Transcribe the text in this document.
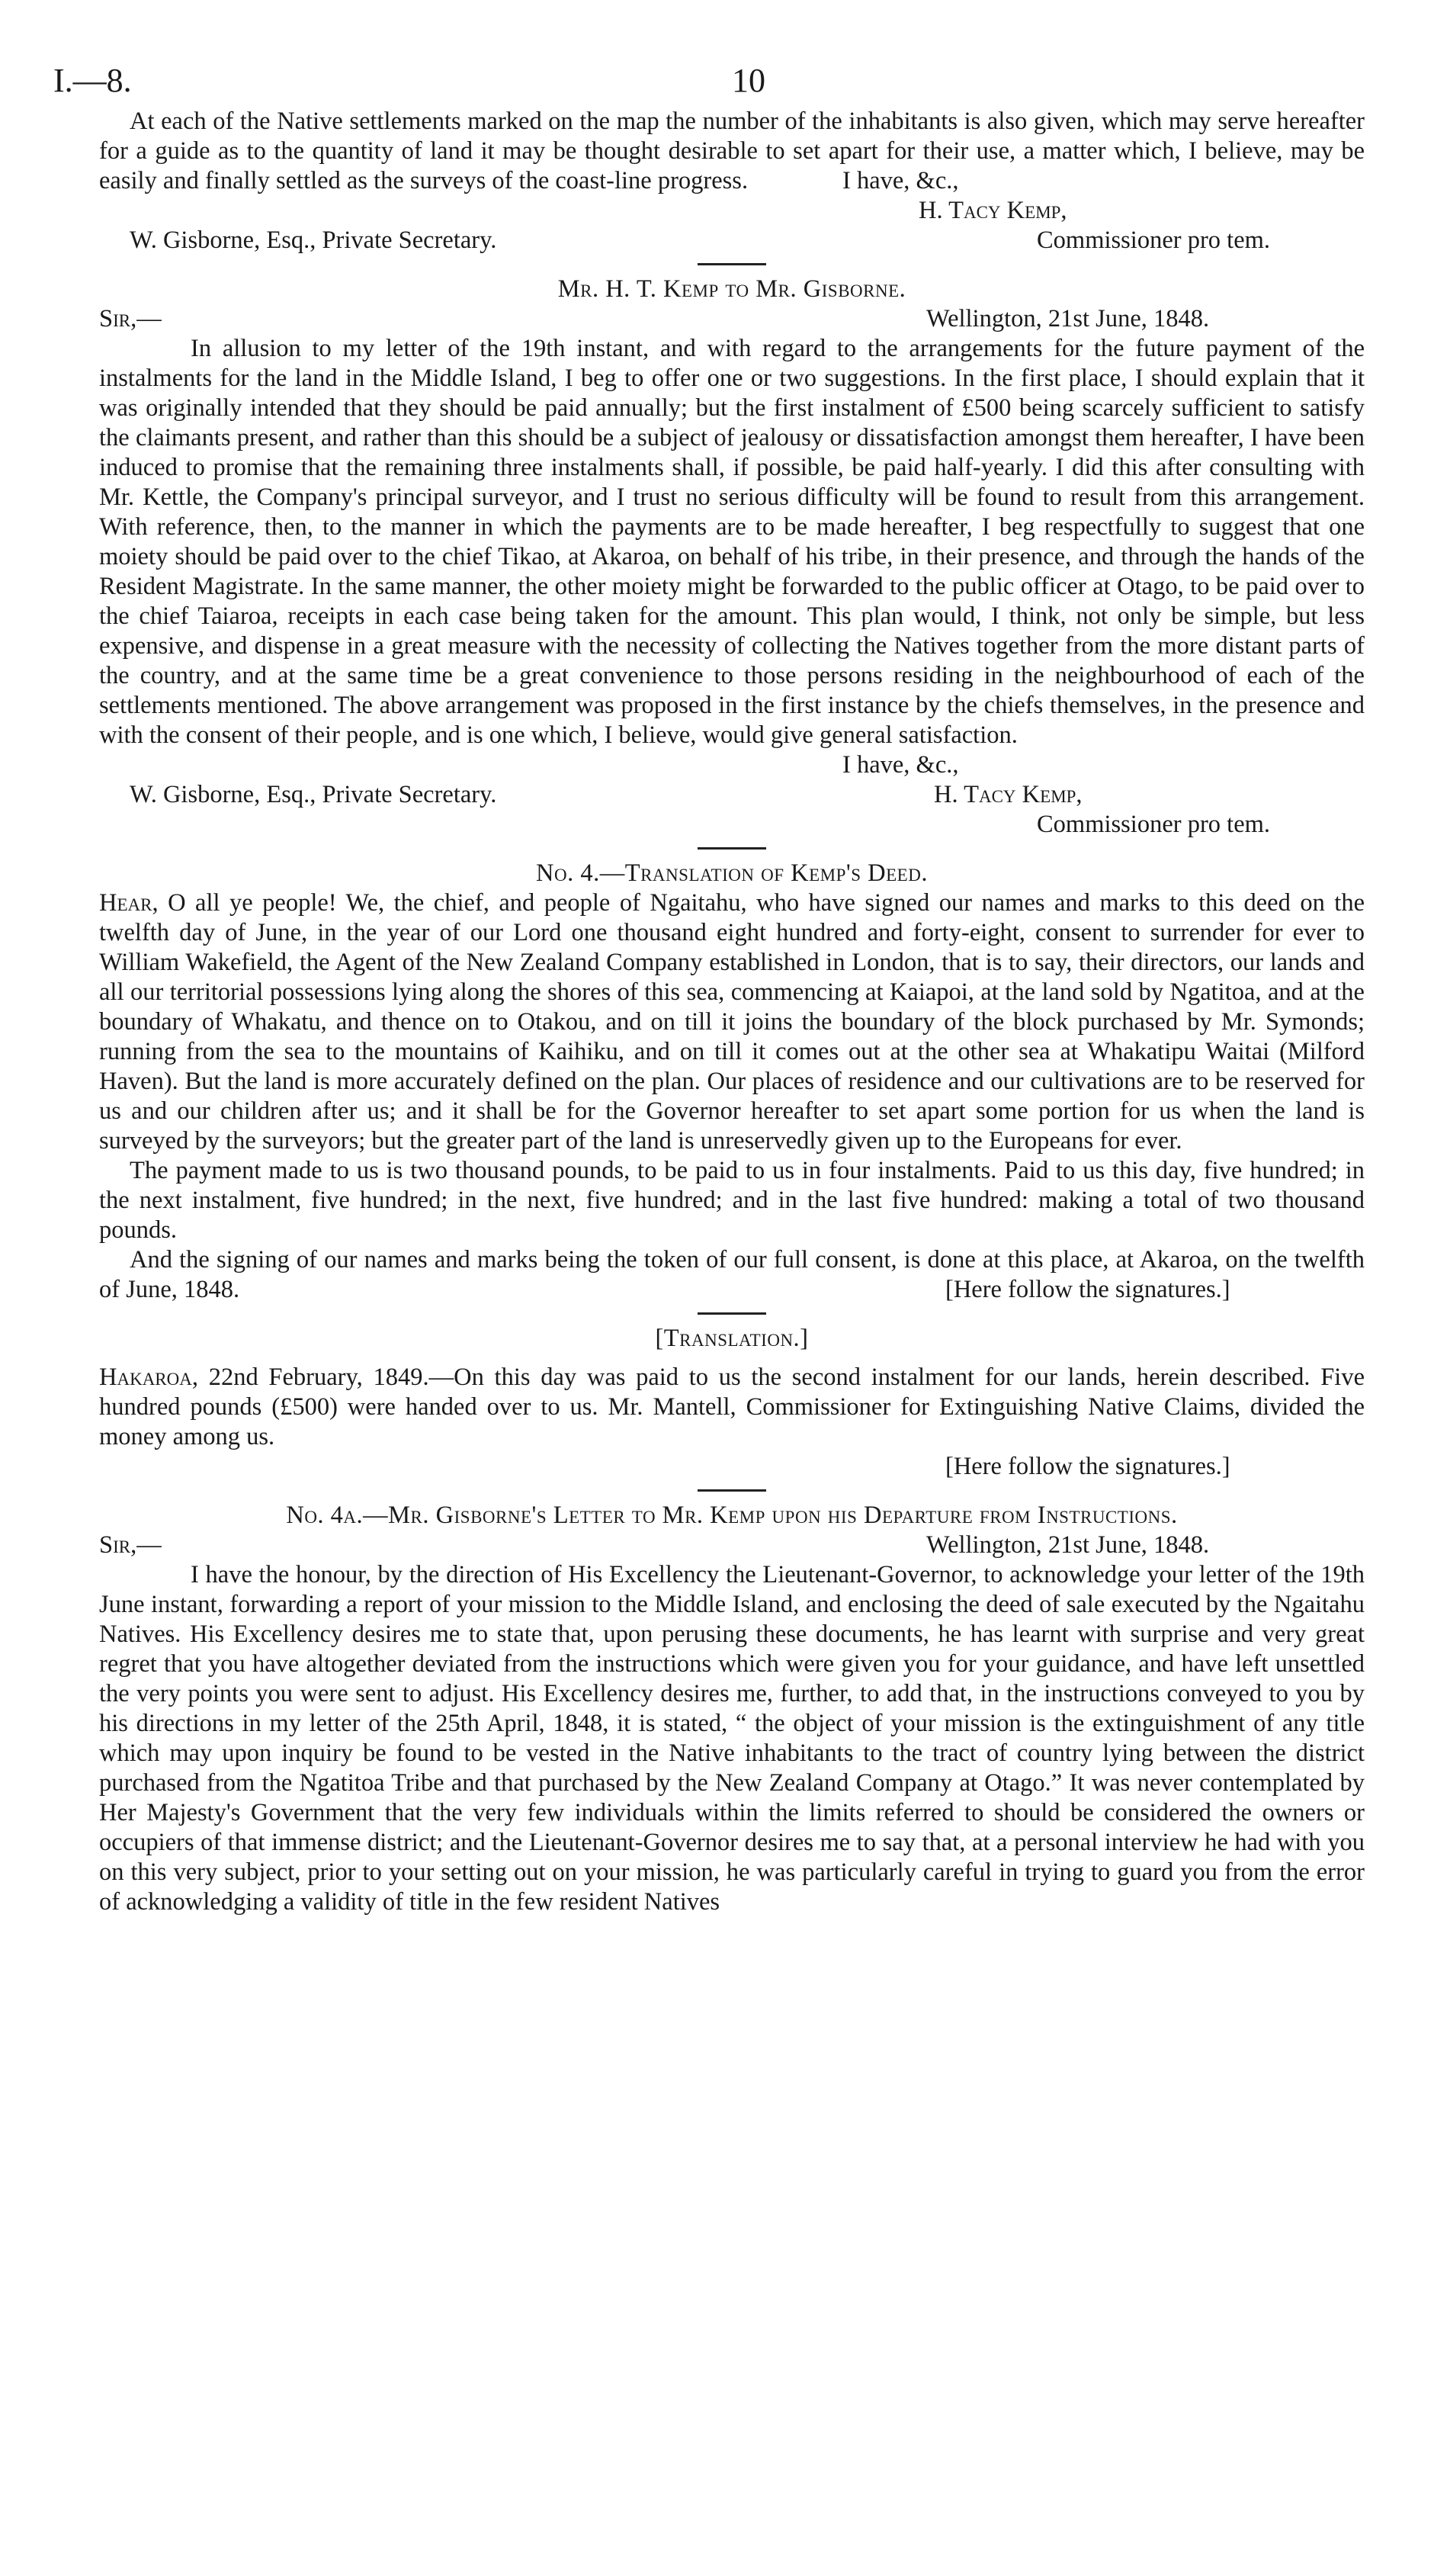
I.—8.	10

At each of the Native settlements marked on the map the number of the inhabitants is also given, which may serve hereafter for a guide as to the quantity of land it may be thought desirable to set apart for their use, a matter which, I believe, may be easily and finally settled as the surveys of the coast-line progress.	I have, &c.,
H. Tacy Kemp,
W. Gisborne, Esq., Private Secretary.	Commissioner pro tem.
Mr. H. T. Kemp to Mr. Gisborne.
Sir,—	Wellington, 21st June, 1848.

In allusion to my letter of the 19th instant, and with regard to the arrangements for the future payment of the instalments for the land in the Middle Island, I beg to offer one or two suggestions. In the first place, I should explain that it was originally intended that they should be paid annually; but the first instalment of £500 being scarcely sufficient to satisfy the claimants present, and rather than this should be a subject of jealousy or dissatisfaction amongst them hereafter, I have been induced to promise that the remaining three instalments shall, if possible, be paid half-yearly. I did this after consulting with Mr. Kettle, the Company's principal surveyor, and I trust no serious difficulty will be found to result from this arrangement. With reference, then, to the manner in which the payments are to be made hereafter, I beg respectfully to suggest that one moiety should be paid over to the chief Tikao, at Akaroa, on behalf of his tribe, in their presence, and through the hands of the Resident Magistrate. In the same manner, the other moiety might be forwarded to the public officer at Otago, to be paid over to the chief Taiaroa, receipts in each case being taken for the amount. This plan would, I think, not only be simple, but less expensive, and dispense in a great measure with the necessity of collecting the Natives together from the more distant parts of the country, and at the same time be a great convenience to those persons residing in the neighbourhood of each of the settlements mentioned. The above arrangement was proposed in the first instance by the chiefs themselves, in the presence and with the consent of their people, and is one which, I believe, would give general satisfaction.

I have, &c.,
W. Gisborne, Esq., Private Secretary.	H. Tacy Kemp,
Commissioner pro tem.
No. 4.—Translation of Kemp's Deed.

Hear, O all ye people! We, the chief, and people of Ngaitahu, who have signed our names and marks to this deed on the twelfth day of June, in the year of our Lord one thousand eight hundred and forty-eight, consent to surrender for ever to William Wakefield, the Agent of the New Zealand Company established in London, that is to say, their directors, our lands and all our territorial possessions lying along the shores of this sea, commencing at Kaiapoi, at the land sold by Ngatitoa, and at the boundary of Whakatu, and thence on to Otakou, and on till it joins the boundary of the block purchased by Mr. Symonds; running from the sea to the mountains of Kaihiku, and on till it comes out at the other sea at Whakatipu Waitai (Milford Haven). But the land is more accurately defined on the plan. Our places of residence and our cultivations are to be reserved for us and our children after us; and it shall be for the Governor hereafter to set apart some portion for us when the land is surveyed by the surveyors; but the greater part of the land is unreservedly given up to the Europeans for ever.

The payment made to us is two thousand pounds, to be paid to us in four instalments. Paid to us this day, five hundred; in the next instalment, five hundred; in the next, five hundred; and in the last five hundred: making a total of two thousand pounds.

And the signing of our names and marks being the token of our full consent, is done at this place, at Akaroa, on the twelfth of June, 1848.	[Here follow the signatures.]
[Translation.]

Hakaroa, 22nd February, 1849.—On this day was paid to us the second instalment for our lands, herein described. Five hundred pounds (£500) were handed over to us. Mr. Mantell, Commissioner for Extinguishing Native Claims, divided the money among us.

[Here follow the signatures.]
No. 4a.—Mr. Gisborne's Letter to Mr. Kemp upon his Departure from Instructions.
Sir,—	Wellington, 21st June, 1848.

I have the honour, by the direction of His Excellency the Lieutenant-Governor, to acknowledge your letter of the 19th June instant, forwarding a report of your mission to the Middle Island, and enclosing the deed of sale executed by the Ngaitahu Natives. His Excellency desires me to state that, upon perusing these documents, he has learnt with surprise and very great regret that you have altogether deviated from the instructions which were given you for your guidance, and have left unsettled the very points you were sent to adjust. His Excellency desires me, further, to add that, in the instructions conveyed to you by his directions in my letter of the 25th April, 1848, it is stated, “ the object of your mission is the extinguishment of any title which may upon inquiry be found to be vested in the Native inhabitants to the tract of country lying between the district purchased from the Ngatitoa Tribe and that purchased by the New Zealand Company at Otago.” It was never contemplated by Her Majesty's Government that the very few individuals within the limits referred to should be considered the owners or occupiers of that immense district; and the Lieutenant-Governor desires me to say that, at a personal interview he had with you on this very subject, prior to your setting out on your mission, he was particularly careful in trying to guard you from the error of acknowledging a validity of title in the few resident Natives
